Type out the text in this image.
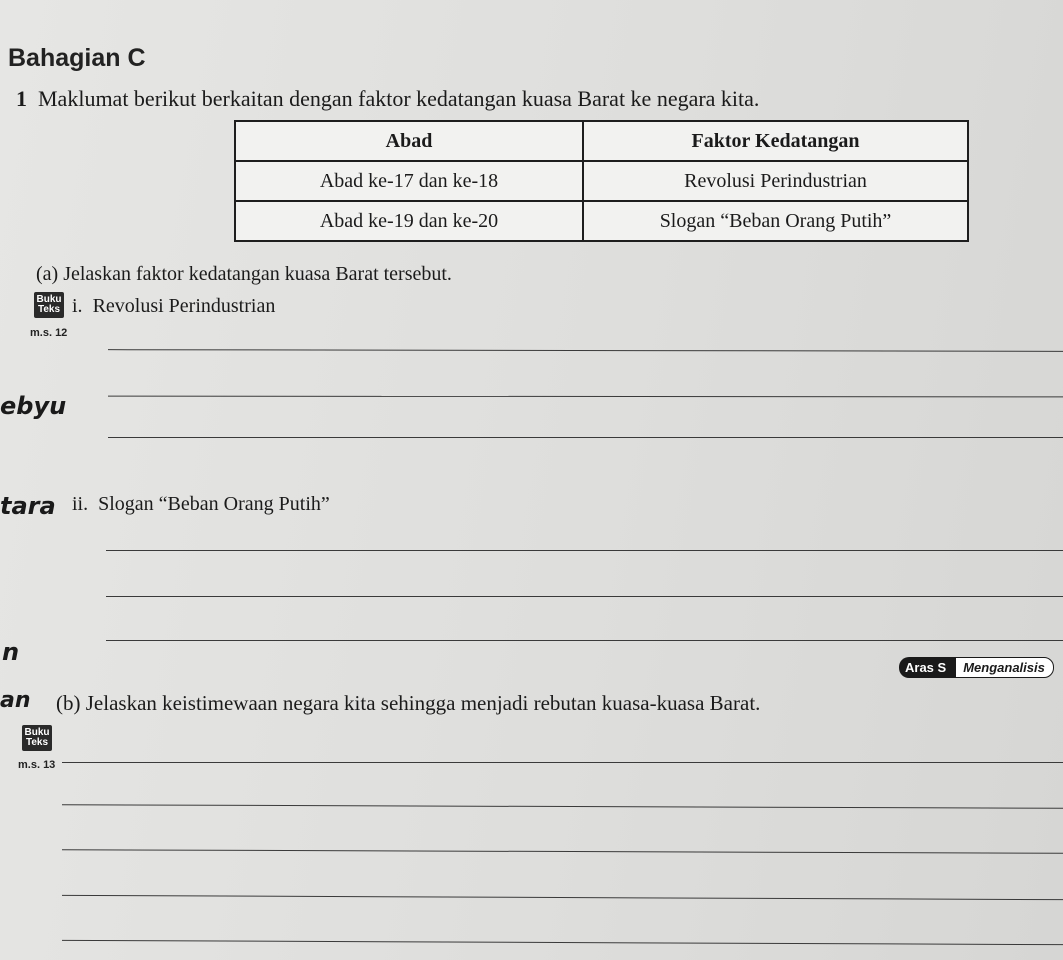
Bahagian C
1 Maklumat berikut berkaitan dengan faktor kedatangan kuasa Barat ke negara kita.
Abad	Faktor Kedatangan
Abad ke-17 dan ke-18	Revolusi Perindustrian
Abad ke-19 dan ke-20	Slogan “Beban Orang Putih”
(a) Jelaskan faktor kedatangan kuasa Barat tersebut.
Buku
Teks
m.s. 12
i. Revolusi Perindustrian
ebyu
tara ii. Slogan “Beban Orang Putih”
n
Aras S	Menganalisis
an (b) Jelaskan keistimewaan negara kita sehingga menjadi rebutan kuasa-kuasa Barat.
Buku
Teks
m.s. 13
